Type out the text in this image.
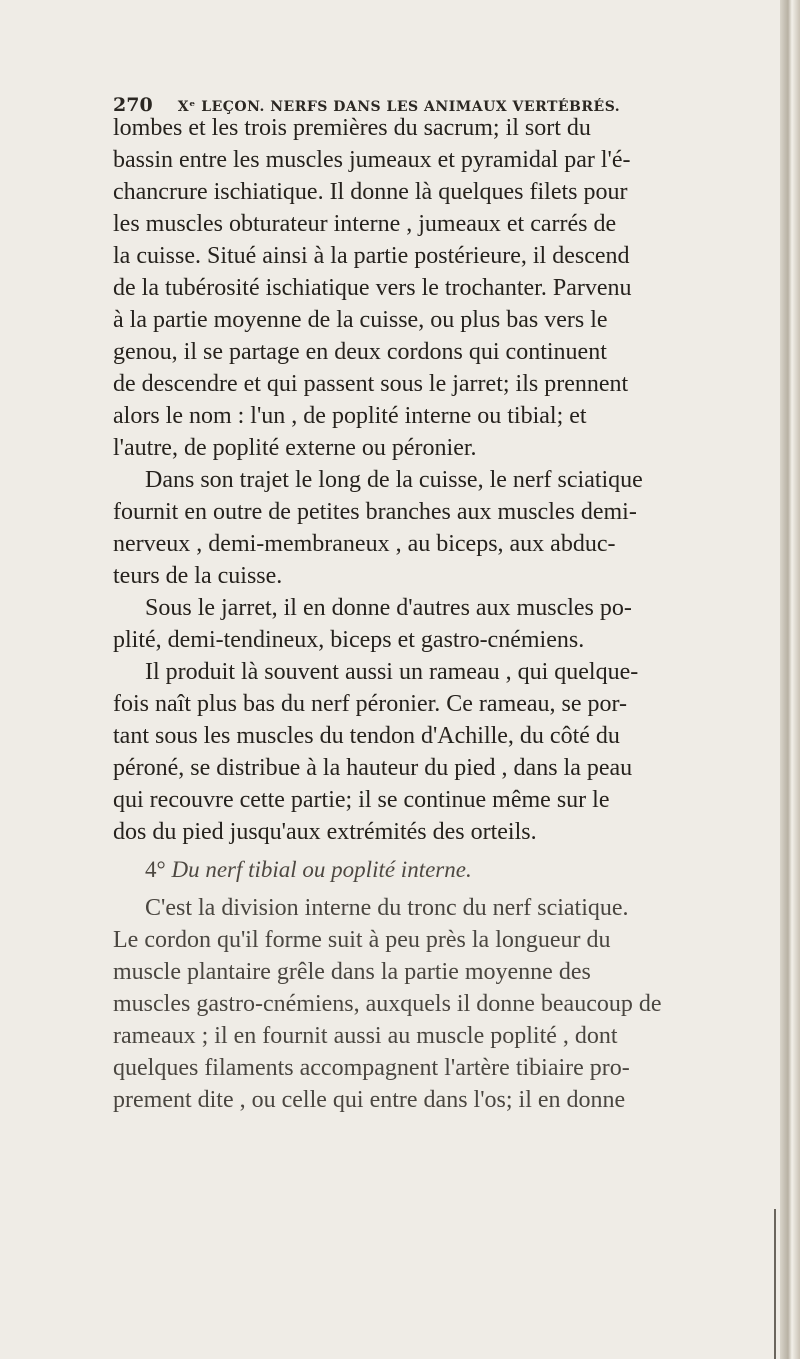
270 Xᵉ LEÇON. NERFS DANS LES ANIMAUX VERTÉBRÉS.
lombes et les trois premières du sacrum; il sort du
bassin entre les muscles jumeaux et pyramidal par l'é-
chancrure ischiatique. Il donne là quelques filets pour
les muscles obturateur interne , jumeaux et carrés de
la cuisse. Situé ainsi à la partie postérieure, il descend
de la tubérosité ischiatique vers le trochanter. Parvenu
à la partie moyenne de la cuisse, ou plus bas vers le
genou, il se partage en deux cordons qui continuent
de descendre et qui passent sous le jarret; ils prennent
alors le nom : l'un , de poplité interne ou tibial; et
l'autre, de poplité externe ou péronier.
Dans son trajet le long de la cuisse, le nerf sciatique
fournit en outre de petites branches aux muscles demi-
nerveux , demi-membraneux , au biceps, aux abduc-
teurs de la cuisse.
Sous le jarret, il en donne d'autres aux muscles po-
plité, demi-tendineux, biceps et gastro-cnémiens.
Il produit là souvent aussi un rameau , qui quelque-
fois naît plus bas du nerf péronier. Ce rameau, se por-
tant sous les muscles du tendon d'Achille, du côté du
péroné, se distribue à la hauteur du pied , dans la peau
qui recouvre cette partie; il se continue même sur le
dos du pied jusqu'aux extrémités des orteils.
4° Du nerf tibial ou poplité interne.
C'est la division interne du tronc du nerf sciatique.
Le cordon qu'il forme suit à peu près la longueur du
muscle plantaire grêle dans la partie moyenne des
muscles gastro-cnémiens, auxquels il donne beaucoup de
rameaux ; il en fournit aussi au muscle poplité , dont
quelques filaments accompagnent l'artère tibiaire pro-
prement dite , ou celle qui entre dans l'os; il en donne
